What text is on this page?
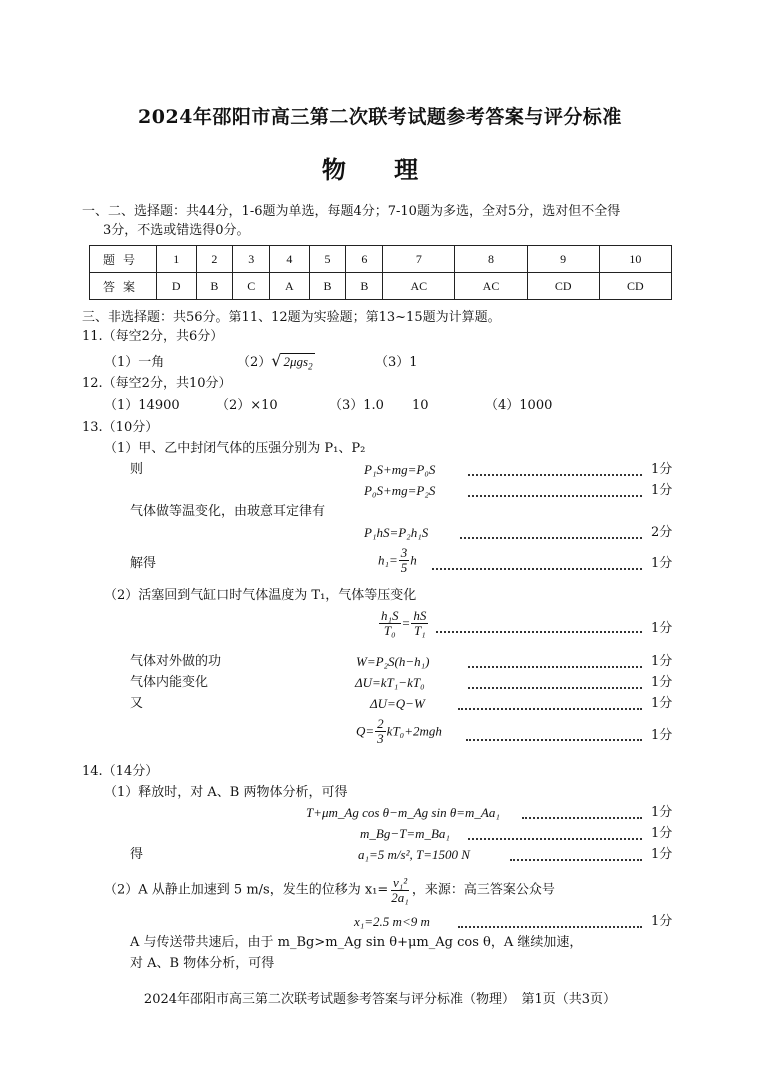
2024年邵阳市高三第二次联考试题参考答案与评分标准
物 理
一、二、选择题：共44分，1-6题为单选，每题4分；7-10题为多选，全对5分，选对但不全得
3分，不选或错选得0分。
题号	1	2	3	4	5	6	7	8	9	10
答案	D	B	C	A	B	B	AC	AC	CD	CD
三、非选择题：共56分。第11、12题为实验题；第13~15题为计算题。
11.（每空2分，共6分）
（1）一角	（2）√ 2μgs$_2$	（3）1
12.（每空2分，共10分）
（1）14900	（2）×10	（3）1.0 10	（4）1000
13.（10分）
（1）甲、乙中封闭气体的压强分别为 P₁、P₂
则	P₁S+mg=P₀S	1分
P₀S+mg=P₂S	1分
气体做等温变化，由玻意耳定律有
P₁hS=P₂h₁S	2分
解得	$h_1= \frac{3}{5}$ h	1分
（2）活塞回到气缸口时气体温度为 T₁，气体等压变化
$\frac{\text{h₁S}}{\text{T₀}} = \frac{hS}{\text{T₁}}$	1分
气体对外做的功	W=P₂S(h−h₁)	1分
气体内能变化	ΔU=kT₁−kT₀	1分
又	ΔU=Q−W	1分
$Q= \frac{2}{3} kT_0+2mgh$	1分
14.（14分）
（1）释放时，对 A、B 两物体分析，可得
T+μm_Ag cos θ−m_Ag sin θ=m_Aa₁	1分
m_Bg−T=m_Ba₁	1分
得	a₁=5 m/s², T=1500 N	1分
（2）A 从静止加速到 5 m/s，发生的位移为 $x_1= \frac{\text{v₁²}}{\text{2a₁}}$ ，来源：高三答案公众号
x₁=2.5 m<9 m	1分
A 与传送带共速后，由于 m_Bg>m_Ag sin θ+μm_Ag cos θ，A 继续加速，
对 A、B 物体分析，可得
2024年邵阳市高三第二次联考试题参考答案与评分标准（物理）　第1页（共3页）
